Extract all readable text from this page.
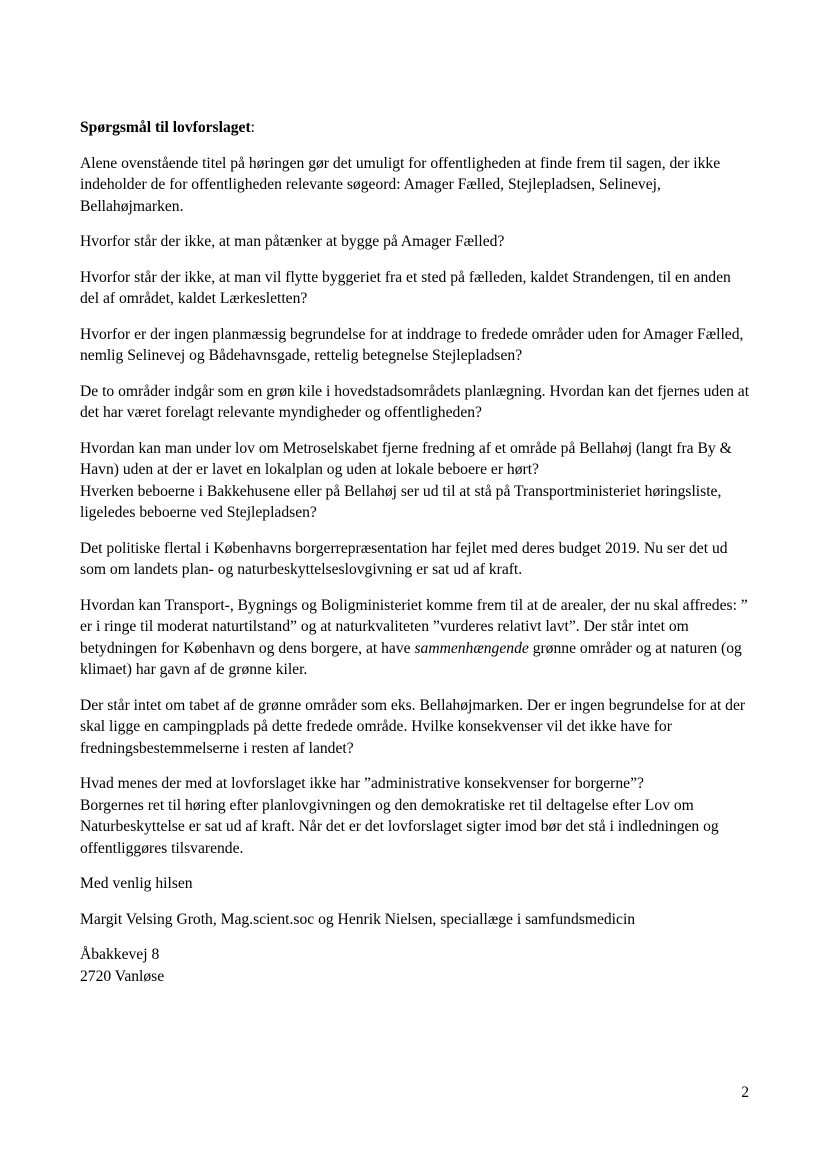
Spørgsmål til lovforslaget:

Alene ovenstående titel på høringen gør det umuligt for offentligheden at finde frem til sagen, der ikke indeholder de for offentligheden relevante søgeord: Amager Fælled, Stejlepladsen, Selinevej, Bellahøjmarken.

Hvorfor står der ikke, at man påtænker at bygge på Amager Fælled?

Hvorfor står der ikke, at man vil flytte byggeriet fra et sted på fælleden, kaldet Strandengen, til en anden del af området, kaldet Lærkesletten?

Hvorfor er der ingen planmæssig begrundelse for at inddrage to fredede områder uden for Amager Fælled, nemlig Selinevej og Bådehavnsgade, rettelig betegnelse Stejlepladsen?

De to områder indgår som en grøn kile i hovedstadsområdets planlægning. Hvordan kan det fjernes uden at det har været forelagt relevante myndigheder og offentligheden?

Hvordan kan man under lov om Metroselskabet fjerne fredning af et område på Bellahøj (langt fra By & Havn) uden at der er lavet en lokalplan og uden at lokale beboere er hørt?
Hverken beboerne i Bakkehusene eller på Bellahøj ser ud til at stå på Transportministeriet høringsliste, ligeledes beboerne ved Stejlepladsen?

Det politiske flertal i Københavns borgerrepræsentation har fejlet med deres budget 2019. Nu ser det ud som om landets plan- og naturbeskyttelseslovgivning er sat ud af kraft.

Hvordan kan Transport-, Bygnings og Boligministeriet komme frem til at de arealer, der nu skal affredes: ” er i ringe til moderat naturtilstand” og at naturkvaliteten ”vurderes relativt lavt”. Der står intet om betydningen for København og dens borgere, at have sammenhængende grønne områder og at naturen (og klimaet) har gavn af de grønne kiler.

Der står intet om tabet af de grønne områder som eks. Bellahøjmarken. Der er ingen begrundelse for at der skal ligge en campingplads på dette fredede område. Hvilke konsekvenser vil det ikke have for fredningsbestemmelserne i resten af landet?

Hvad menes der med at lovforslaget ikke har ”administrative konsekvenser for borgerne”?
Borgernes ret til høring efter planlovgivningen og den demokratiske ret til deltagelse efter Lov om Naturbeskyttelse er sat ud af kraft. Når det er det lovforslaget sigter imod bør det stå i indledningen og offentliggøres tilsvarende.

Med venlig hilsen

Margit Velsing Groth, Mag.scient.soc og Henrik Nielsen, speciallæge i samfundsmedicin

Åbakkevej 8
2720 Vanløse

2
